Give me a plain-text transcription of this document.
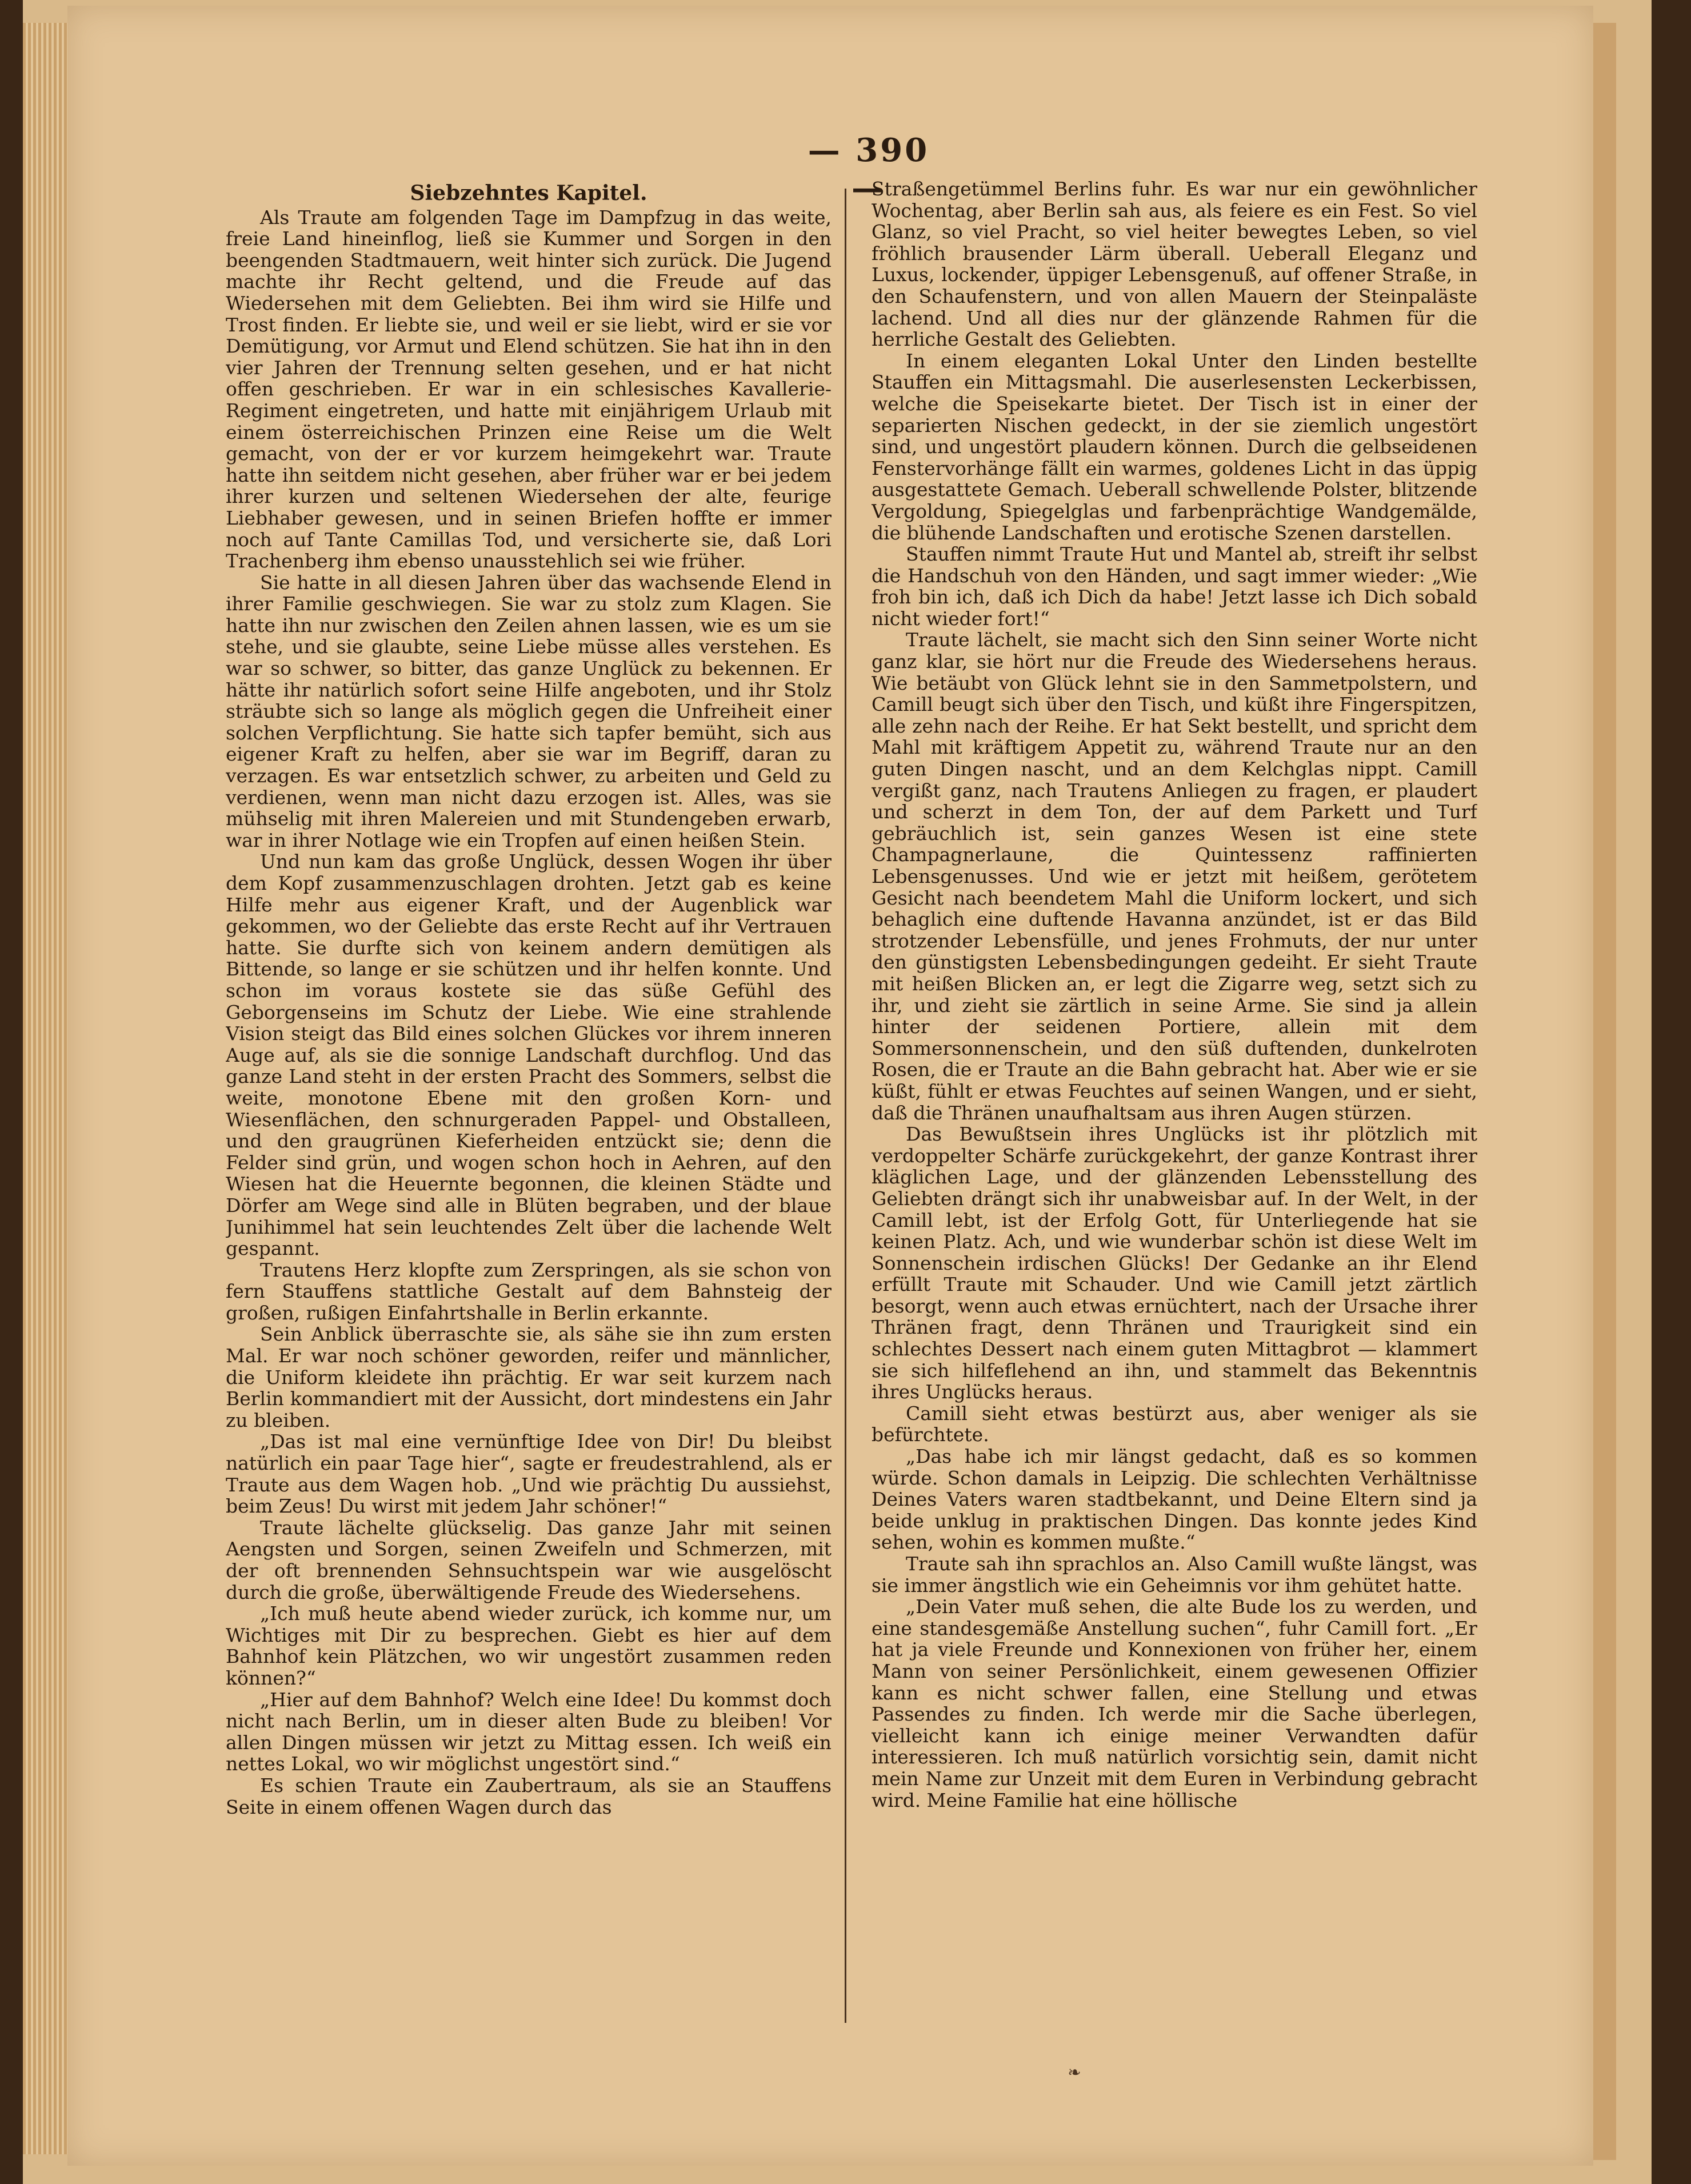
— 390 —
Siebzehntes Kapitel.

Als Traute am folgenden Tage im Dampfzug in das weite, freie Land hineinflog, ließ sie Kummer und Sorgen in den beengenden Stadtmauern, weit hinter sich zurück. Die Jugend machte ihr Recht geltend, und die Freude auf das Wiedersehen mit dem Geliebten. Bei ihm wird sie Hilfe und Trost finden. Er liebte sie, und weil er sie liebt, wird er sie vor Demütigung, vor Armut und Elend schützen. Sie hat ihn in den vier Jahren der Trennung selten gesehen, und er hat nicht offen geschrieben. Er war in ein schlesisches Kavallerie-Regiment eingetreten, und hatte mit einjährigem Urlaub mit einem österreichischen Prinzen eine Reise um die Welt gemacht, von der er vor kurzem heimgekehrt war. Traute hatte ihn seitdem nicht gesehen, aber früher war er bei jedem ihrer kurzen und seltenen Wiedersehen der alte, feurige Liebhaber gewesen, und in seinen Briefen hoffte er immer noch auf Tante Camillas Tod, und versicherte sie, daß Lori Trachenberg ihm ebenso unausstehlich sei wie früher.

Sie hatte in all diesen Jahren über das wachsende Elend in ihrer Familie geschwiegen. Sie war zu stolz zum Klagen. Sie hatte ihn nur zwischen den Zeilen ahnen lassen, wie es um sie stehe, und sie glaubte, seine Liebe müsse alles verstehen. Es war so schwer, so bitter, das ganze Unglück zu bekennen. Er hätte ihr natürlich sofort seine Hilfe angeboten, und ihr Stolz sträubte sich so lange als möglich gegen die Unfreiheit einer solchen Verpflichtung. Sie hatte sich tapfer bemüht, sich aus eigener Kraft zu helfen, aber sie war im Begriff, daran zu verzagen. Es war entsetzlich schwer, zu arbeiten und Geld zu verdienen, wenn man nicht dazu erzogen ist. Alles, was sie mühselig mit ihren Malereien und mit Stundengeben erwarb, war in ihrer Notlage wie ein Tropfen auf einen heißen Stein.

Und nun kam das große Unglück, dessen Wogen ihr über dem Kopf zusammenzuschlagen drohten. Jetzt gab es keine Hilfe mehr aus eigener Kraft, und der Augenblick war gekommen, wo der Geliebte das erste Recht auf ihr Vertrauen hatte. Sie durfte sich von keinem andern demütigen als Bittende, so lange er sie schützen und ihr helfen konnte. Und schon im voraus kostete sie das süße Gefühl des Geborgenseins im Schutz der Liebe. Wie eine strahlende Vision steigt das Bild eines solchen Glückes vor ihrem inneren Auge auf, als sie die sonnige Landschaft durchflog. Und das ganze Land steht in der ersten Pracht des Sommers, selbst die weite, monotone Ebene mit den großen Korn- und Wiesenflächen, den schnurgeraden Pappel- und Obstalleen, und den graugrünen Kieferheiden entzückt sie; denn die Felder sind grün, und wogen schon hoch in Aehren, auf den Wiesen hat die Heuernte begonnen, die kleinen Städte und Dörfer am Wege sind alle in Blüten begraben, und der blaue Junihimmel hat sein leuchtendes Zelt über die lachende Welt gespannt.

Trautens Herz klopfte zum Zerspringen, als sie schon von fern Stauffens stattliche Gestalt auf dem Bahnsteig der großen, rußigen Einfahrtshalle in Berlin erkannte.

Sein Anblick überraschte sie, als sähe sie ihn zum ersten Mal. Er war noch schöner geworden, reifer und männlicher, die Uniform kleidete ihn prächtig. Er war seit kurzem nach Berlin kommandiert mit der Aussicht, dort mindestens ein Jahr zu bleiben.

„Das ist mal eine vernünftige Idee von Dir! Du bleibst natürlich ein paar Tage hier“, sagte er freudestrahlend, als er Traute aus dem Wagen hob. „Und wie prächtig Du aussiehst, beim Zeus! Du wirst mit jedem Jahr schöner!“

Traute lächelte glückselig. Das ganze Jahr mit seinen Aengsten und Sorgen, seinen Zweifeln und Schmerzen, mit der oft brennenden Sehnsuchtspein war wie ausgelöscht durch die große, überwältigende Freude des Wiedersehens.

„Ich muß heute abend wieder zurück, ich komme nur, um Wichtiges mit Dir zu besprechen. Giebt es hier auf dem Bahnhof kein Plätzchen, wo wir ungestört zusammen reden können?“

„Hier auf dem Bahnhof? Welch eine Idee! Du kommst doch nicht nach Berlin, um in dieser alten Bude zu bleiben! Vor allen Dingen müssen wir jetzt zu Mittag essen. Ich weiß ein nettes Lokal, wo wir möglichst ungestört sind.“

Es schien Traute ein Zaubertraum, als sie an Stauffens Seite in einem offenen Wagen durch das

Straßengetümmel Berlins fuhr. Es war nur ein gewöhnlicher Wochentag, aber Berlin sah aus, als feiere es ein Fest. So viel Glanz, so viel Pracht, so viel heiter bewegtes Leben, so viel fröhlich brausender Lärm überall. Ueberall Eleganz und Luxus, lockender, üppiger Lebensgenuß, auf offener Straße, in den Schaufenstern, und von allen Mauern der Steinpaläste lachend. Und all dies nur der glänzende Rahmen für die herrliche Gestalt des Geliebten.

In einem eleganten Lokal Unter den Linden bestellte Stauffen ein Mittagsmahl. Die auserlesensten Leckerbissen, welche die Speisekarte bietet. Der Tisch ist in einer der separierten Nischen gedeckt, in der sie ziemlich ungestört sind, und ungestört plaudern können. Durch die gelbseidenen Fenstervorhänge fällt ein warmes, goldenes Licht in das üppig ausgestattete Gemach. Ueberall schwellende Polster, blitzende Vergoldung, Spiegelglas und farbenprächtige Wandgemälde, die blühende Landschaften und erotische Szenen darstellen.

Stauffen nimmt Traute Hut und Mantel ab, streift ihr selbst die Handschuh von den Händen, und sagt immer wieder: „Wie froh bin ich, daß ich Dich da habe! Jetzt lasse ich Dich sobald nicht wieder fort!“

Traute lächelt, sie macht sich den Sinn seiner Worte nicht ganz klar, sie hört nur die Freude des Wiedersehens heraus. Wie betäubt von Glück lehnt sie in den Sammetpolstern, und Camill beugt sich über den Tisch, und küßt ihre Fingerspitzen, alle zehn nach der Reihe. Er hat Sekt bestellt, und spricht dem Mahl mit kräftigem Appetit zu, während Traute nur an den guten Dingen nascht, und an dem Kelchglas nippt. Camill vergißt ganz, nach Trautens Anliegen zu fragen, er plaudert und scherzt in dem Ton, der auf dem Parkett und Turf gebräuchlich ist, sein ganzes Wesen ist eine stete Champagnerlaune, die Quintessenz raffinierten Lebensgenusses. Und wie er jetzt mit heißem, gerötetem Gesicht nach beendetem Mahl die Uniform lockert, und sich behaglich eine duftende Havanna anzündet, ist er das Bild strotzender Lebensfülle, und jenes Frohmuts, der nur unter den günstigsten Lebensbedingungen gedeiht. Er sieht Traute mit heißen Blicken an, er legt die Zigarre weg, setzt sich zu ihr, und zieht sie zärtlich in seine Arme. Sie sind ja allein hinter der seidenen Portiere, allein mit dem Sommersonnenschein, und den süß duftenden, dunkelroten Rosen, die er Traute an die Bahn gebracht hat. Aber wie er sie küßt, fühlt er etwas Feuchtes auf seinen Wangen, und er sieht, daß die Thränen unaufhaltsam aus ihren Augen stürzen.

Das Bewußtsein ihres Unglücks ist ihr plötzlich mit verdoppelter Schärfe zurückgekehrt, der ganze Kontrast ihrer kläglichen Lage, und der glänzenden Lebensstellung des Geliebten drängt sich ihr unabweisbar auf. In der Welt, in der Camill lebt, ist der Erfolg Gott, für Unterliegende hat sie keinen Platz. Ach, und wie wunderbar schön ist diese Welt im Sonnenschein irdischen Glücks! Der Gedanke an ihr Elend erfüllt Traute mit Schauder. Und wie Camill jetzt zärtlich besorgt, wenn auch etwas ernüchtert, nach der Ursache ihrer Thränen fragt, denn Thränen und Traurigkeit sind ein schlechtes Dessert nach einem guten Mittagbrot — klammert sie sich hilfeflehend an ihn, und stammelt das Bekenntnis ihres Unglücks heraus.

Camill sieht etwas bestürzt aus, aber weniger als sie befürchtete.

„Das habe ich mir längst gedacht, daß es so kommen würde. Schon damals in Leipzig. Die schlechten Verhältnisse Deines Vaters waren stadtbekannt, und Deine Eltern sind ja beide unklug in praktischen Dingen. Das konnte jedes Kind sehen, wohin es kommen mußte.“

Traute sah ihn sprachlos an. Also Camill wußte längst, was sie immer ängstlich wie ein Geheimnis vor ihm gehütet hatte.

„Dein Vater muß sehen, die alte Bude los zu werden, und eine standesgemäße Anstellung suchen“, fuhr Camill fort. „Er hat ja viele Freunde und Konnexionen von früher her, einem Mann von seiner Persönlichkeit, einem gewesenen Offizier kann es nicht schwer fallen, eine Stellung und etwas Passendes zu finden. Ich werde mir die Sache überlegen, vielleicht kann ich einige meiner Verwandten dafür interessieren. Ich muß natürlich vorsichtig sein, damit nicht mein Name zur Unzeit mit dem Euren in Verbindung gebracht wird. Meine Familie hat eine höllische

❧
